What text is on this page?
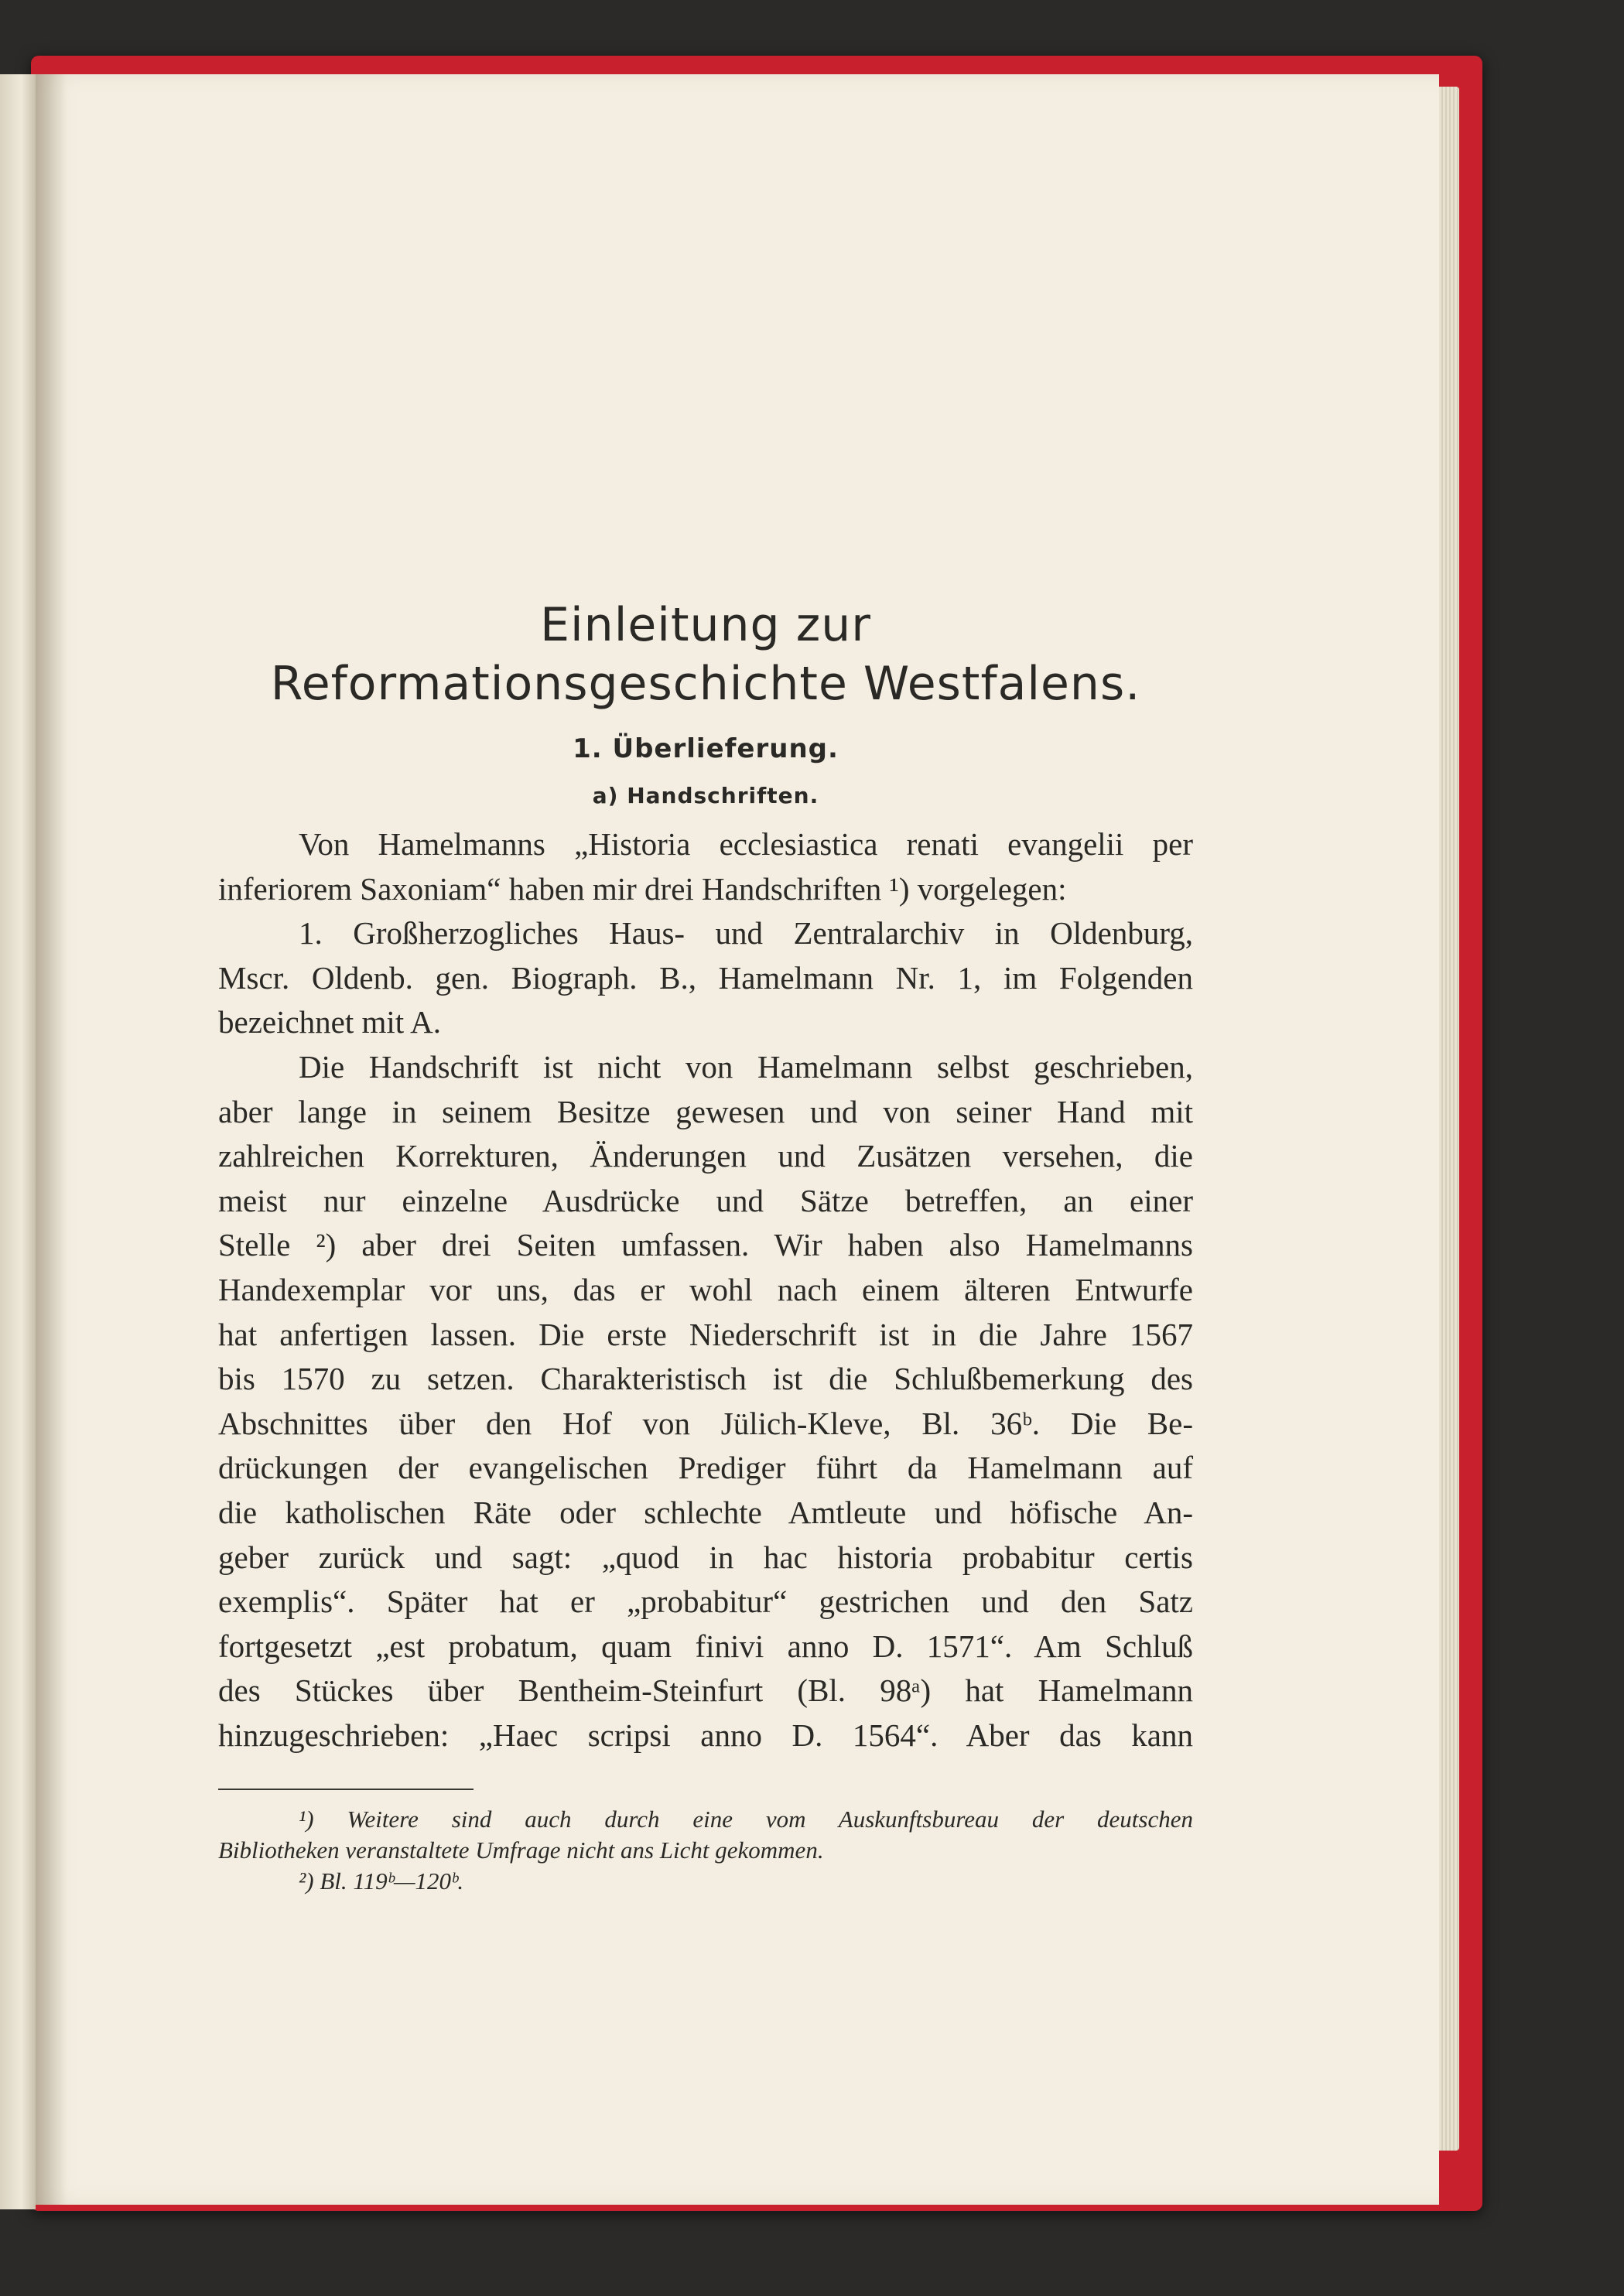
Einleitung zur
Reformationsgeschichte Westfalens.
1. Überlieferung.
a) Handschriften.
Von Hamelmanns „Historia ecclesiastica renati evangelii per
inferiorem Saxoniam“ haben mir drei Handschriften ¹) vorgelegen:
1. Großherzogliches Haus- und Zentralarchiv in Oldenburg,
Mscr. Oldenb. gen. Biograph. B., Hamelmann Nr. 1, im Folgenden
bezeichnet mit A.
Die Handschrift ist nicht von Hamelmann selbst geschrieben,
aber lange in seinem Besitze gewesen und von seiner Hand mit
zahlreichen Korrekturen, Änderungen und Zusätzen versehen, die
meist nur einzelne Ausdrücke und Sätze betreffen, an einer
Stelle ²) aber drei Seiten umfassen. Wir haben also Hamelmanns
Handexemplar vor uns, das er wohl nach einem älteren Entwurfe
hat anfertigen lassen. Die erste Niederschrift ist in die Jahre 1567
bis 1570 zu setzen. Charakteristisch ist die Schlußbemerkung des
Abschnittes über den Hof von Jülich-Kleve, Bl. 36ᵇ. Die Be-
drückungen der evangelischen Prediger führt da Hamelmann auf
die katholischen Räte oder schlechte Amtleute und höfische An-
geber zurück und sagt: „quod in hac historia probabitur certis
exemplis“. Später hat er „probabitur“ gestrichen und den Satz
fortgesetzt „est probatum, quam finivi anno D. 1571“. Am Schluß
des Stückes über Bentheim-Steinfurt (Bl. 98ᵃ) hat Hamelmann
hinzugeschrieben: „Haec scripsi anno D. 1564“. Aber das kann
¹) Weitere sind auch durch eine vom Auskunftsbureau der deutschen
Bibliotheken veranstaltete Umfrage nicht ans Licht gekommen.
²) Bl. 119ᵇ—120ᵇ.
